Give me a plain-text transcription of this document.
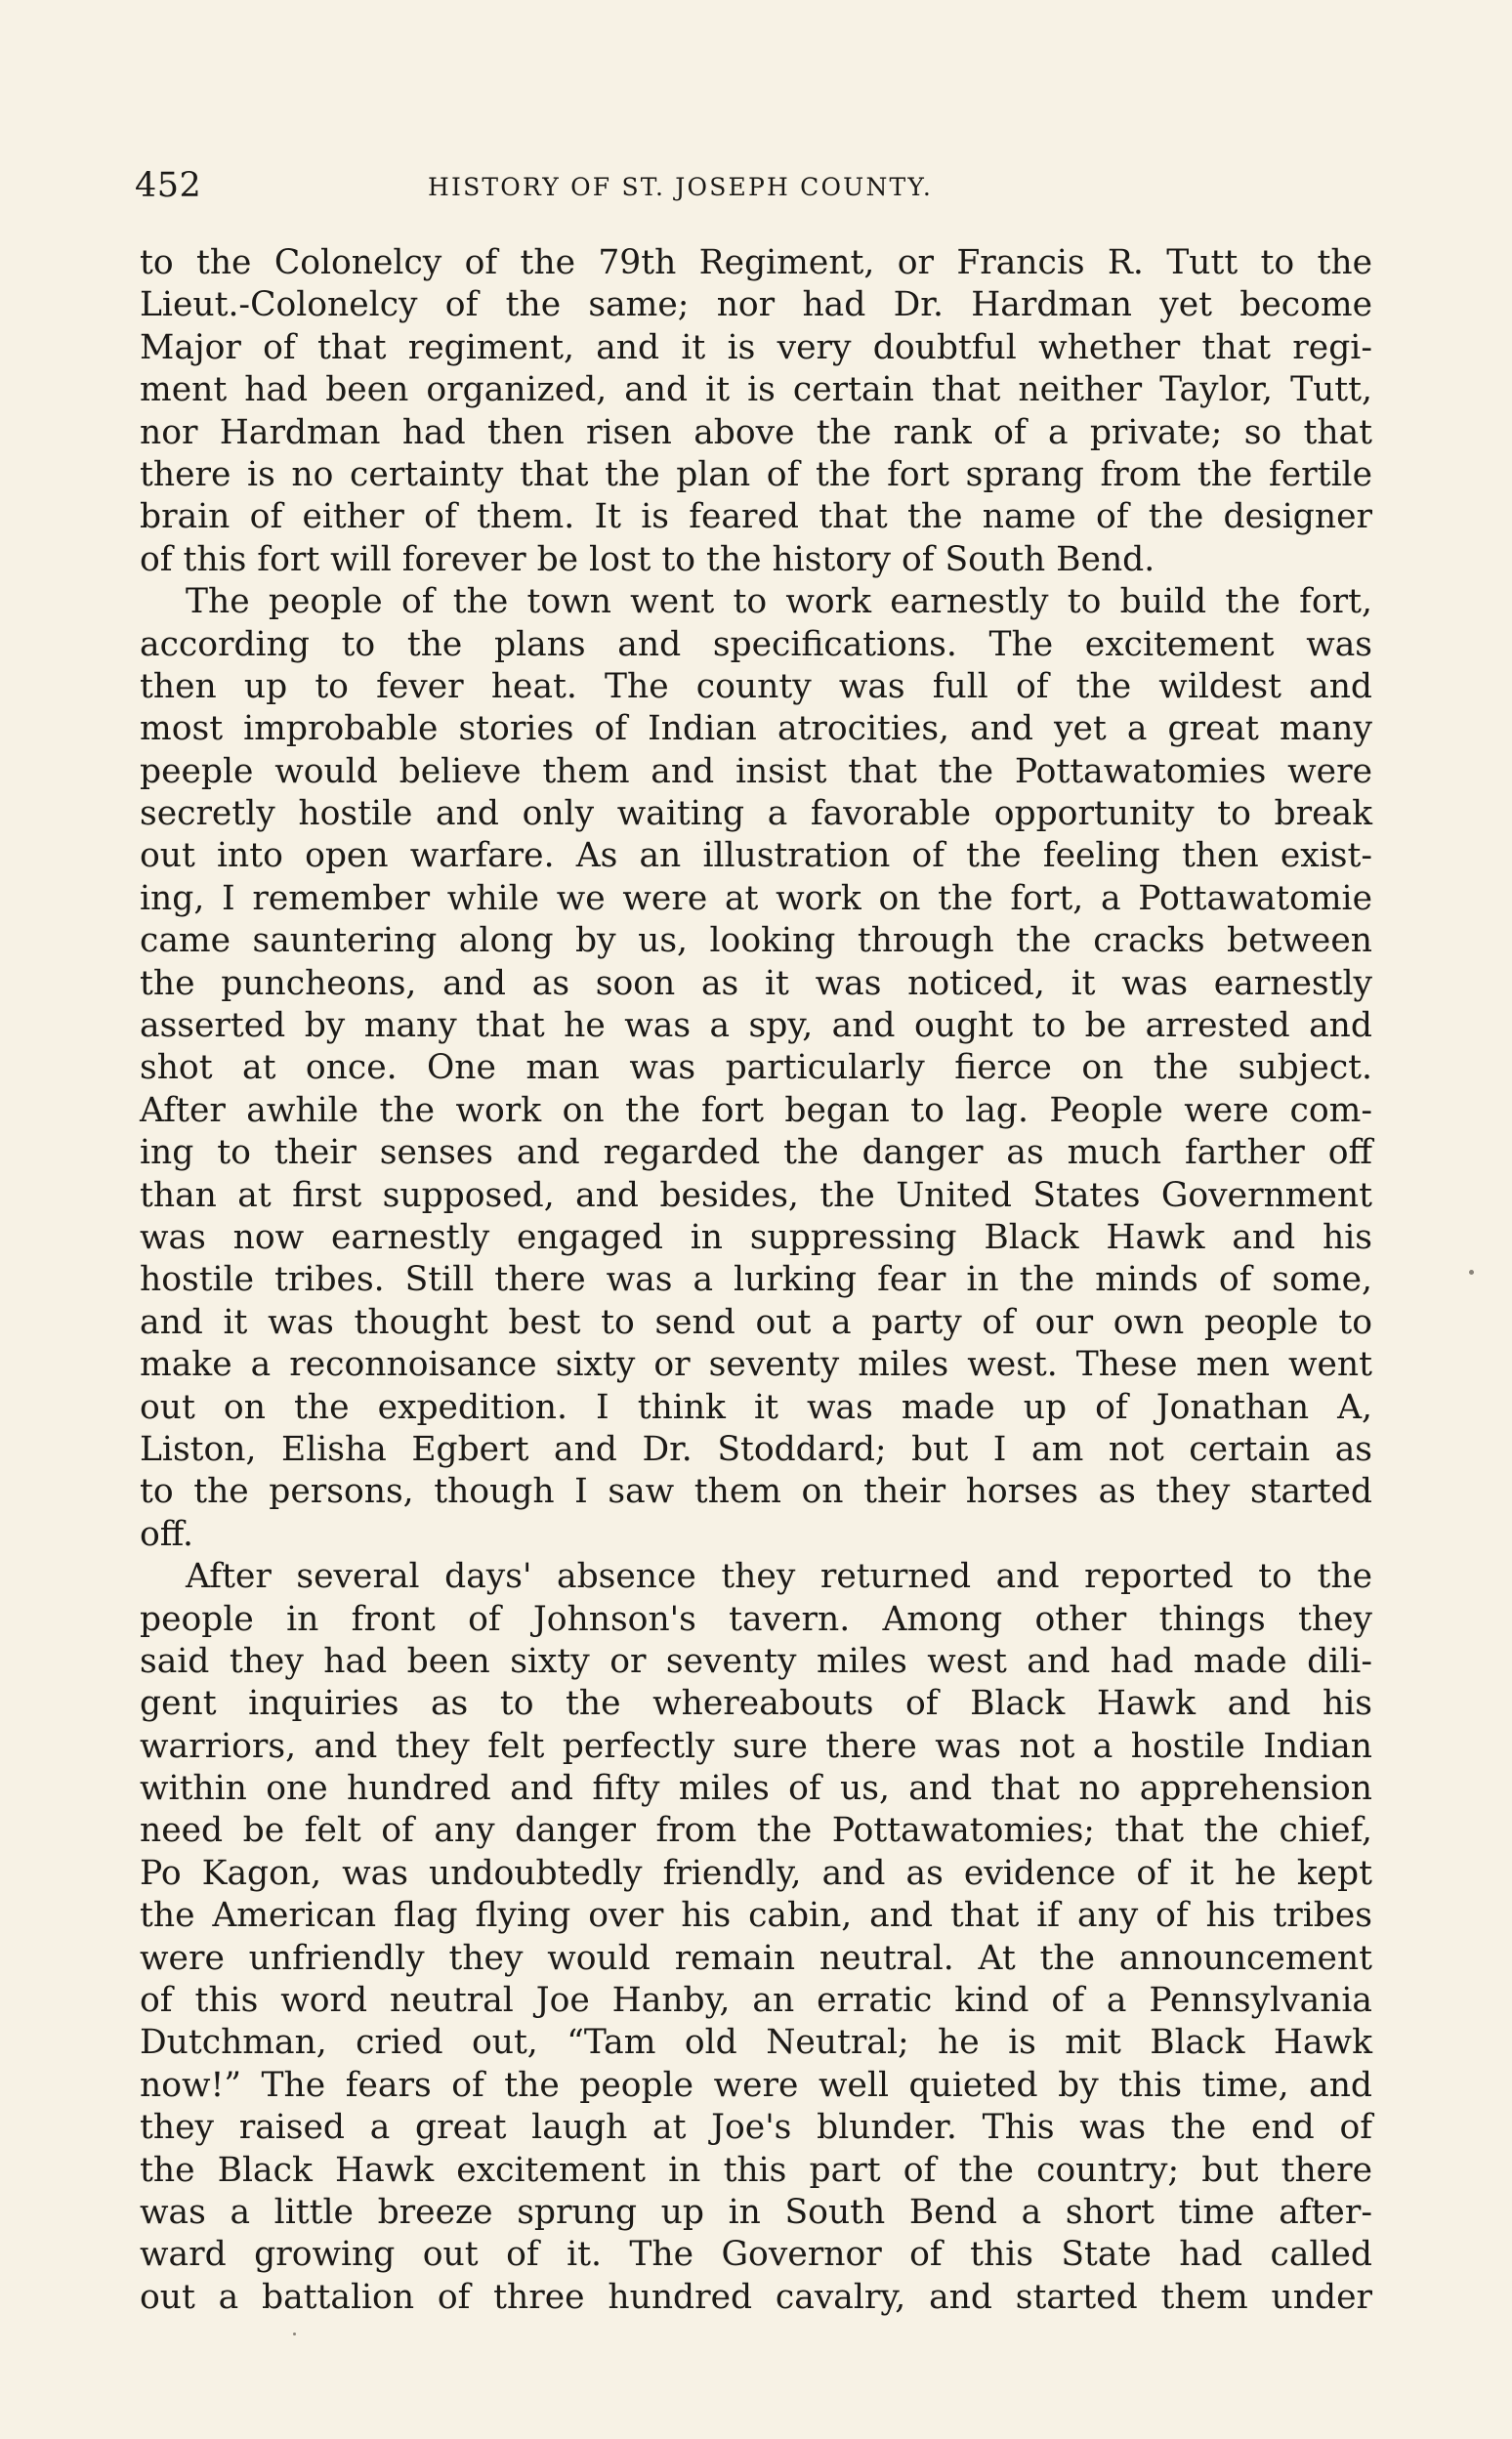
452	HISTORY OF ST. JOSEPH COUNTY.
to the Colonelcy of the 79th Regiment, or Francis R. Tutt to the
Lieut.-Colonelcy of the same; nor had Dr. Hardman yet become
Major of that regiment, and it is very doubtful whether that regi-
ment had been organized, and it is certain that neither Taylor, Tutt,
nor Hardman had then risen above the rank of a private; so that
there is no certainty that the plan of the fort sprang from the fertile
brain of either of them. It is feared that the name of the designer
of this fort will forever be lost to the history of South Bend.
The people of the town went to work earnestly to build the fort,
according to the plans and specifications. The excitement was
then up to fever heat. The county was full of the wildest and
most improbable stories of Indian atrocities, and yet a great many
peeple would believe them and insist that the Pottawatomies were
secretly hostile and only waiting a favorable opportunity to break
out into open warfare. As an illustration of the feeling then exist-
ing, I remember while we were at work on the fort, a Pottawatomie
came sauntering along by us, looking through the cracks between
the puncheons, and as soon as it was noticed, it was earnestly
asserted by many that he was a spy, and ought to be arrested and
shot at once. One man was particularly fierce on the subject.
After awhile the work on the fort began to lag. People were com-
ing to their senses and regarded the danger as much farther off
than at first supposed, and besides, the United States Government
was now earnestly engaged in suppressing Black Hawk and his
hostile tribes. Still there was a lurking fear in the minds of some,
and it was thought best to send out a party of our own people to
make a reconnoisance sixty or seventy miles west. These men went
out on the expedition. I think it was made up of Jonathan A,
Liston, Elisha Egbert and Dr. Stoddard; but I am not certain as
to the persons, though I saw them on their horses as they started
off.
After several days' absence they returned and reported to the
people in front of Johnson's tavern. Among other things they
said they had been sixty or seventy miles west and had made dili-
gent inquiries as to the whereabouts of Black Hawk and his
warriors, and they felt perfectly sure there was not a hostile Indian
within one hundred and fifty miles of us, and that no apprehension
need be felt of any danger from the Pottawatomies; that the chief,
Po Kagon, was undoubtedly friendly, and as evidence of it he kept
the American flag flying over his cabin, and that if any of his tribes
were unfriendly they would remain neutral. At the announcement
of this word neutral Joe Hanby, an erratic kind of a Pennsylvania
Dutchman, cried out, “Tam old Neutral; he is mit Black Hawk
now!” The fears of the people were well quieted by this time, and
they raised a great laugh at Joe's blunder. This was the end of
the Black Hawk excitement in this part of the country; but there
was a little breeze sprung up in South Bend a short time after-
ward growing out of it. The Governor of this State had called
out a battalion of three hundred cavalry, and started them under
